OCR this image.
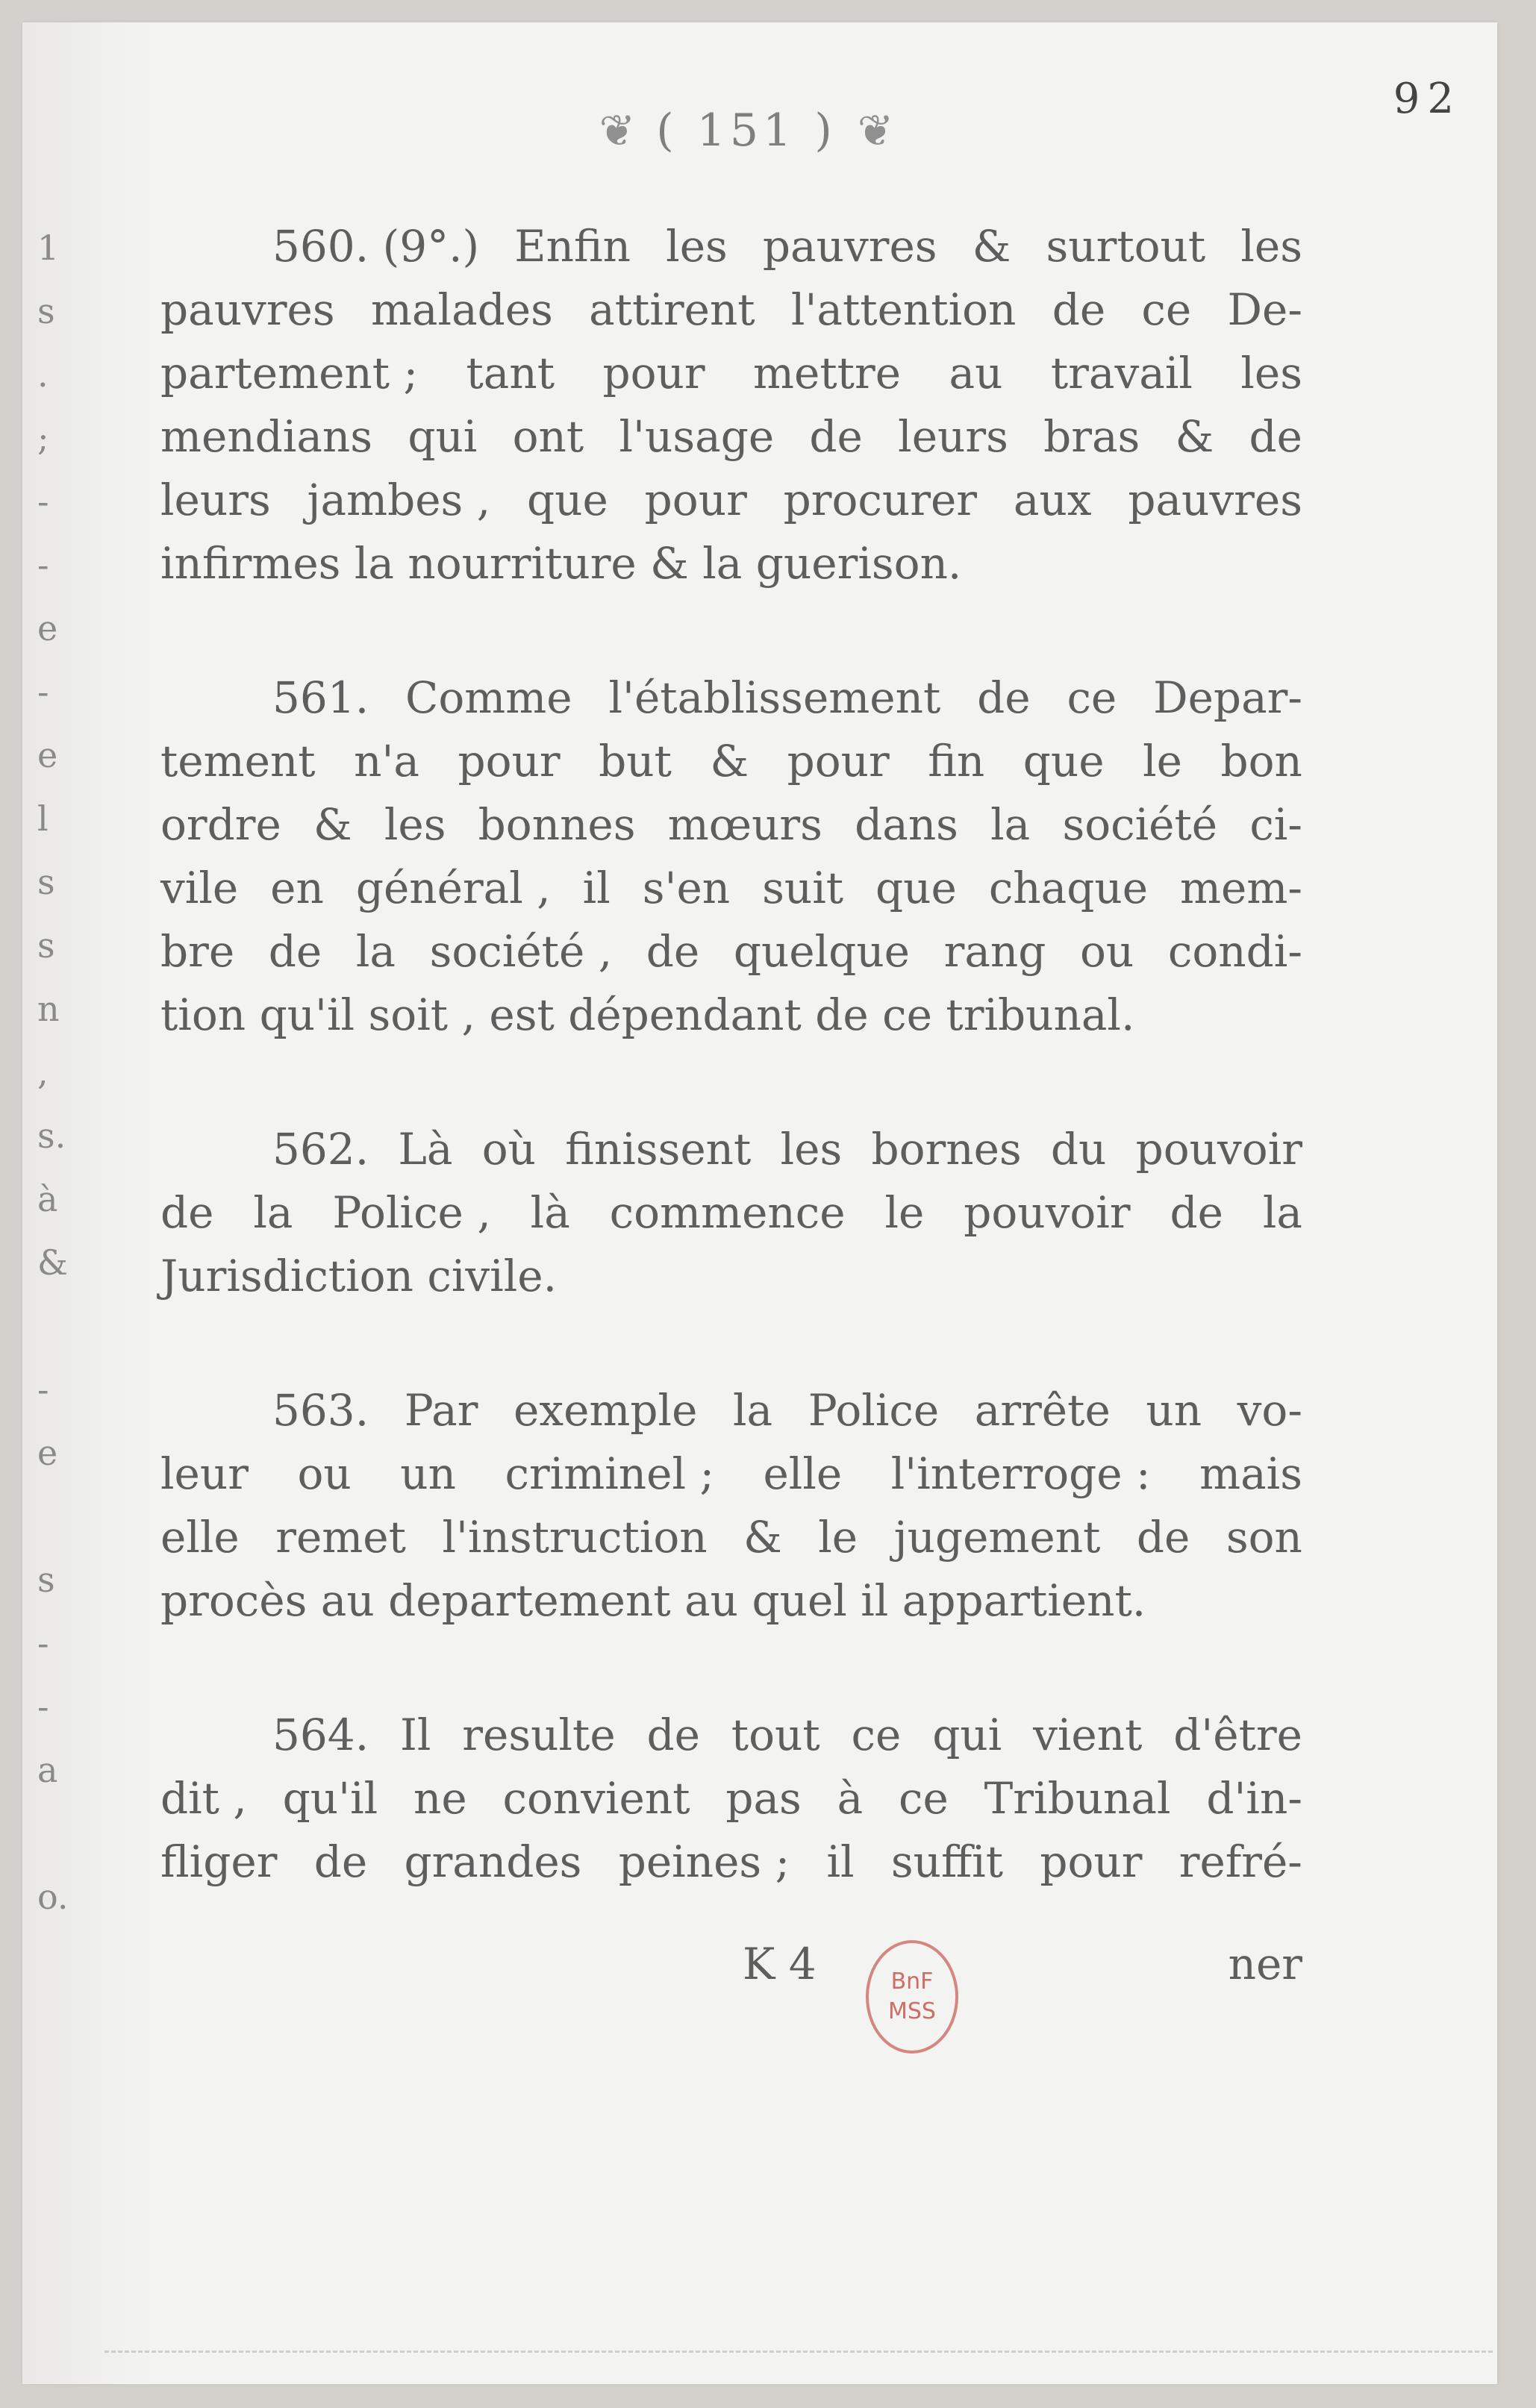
92
❦ ( 151 ) ❦
1
s
.
;
-
-
e
-
e
l
s
s
n
,
s.
à
&
-
e
s
-
-
a
o.
560. (9°.) Enfin les pauvres & surtout les
pauvres malades attirent l'attention de ce De-
partement ; tant pour mettre au travail les
mendians qui ont l'usage de leurs bras & de
leurs jambes , que pour procurer aux pauvres
infirmes la nourriture & la guerison.
561. Comme l'établissement de ce Depar-
tement n'a pour but & pour fin que le bon
ordre & les bonnes mœurs dans la société ci-
vile en général , il s'en suit que chaque mem-
bre de la société , de quelque rang ou condi-
tion qu'il soit , est dépendant de ce tribunal.
562. Là où finissent les bornes du pouvoir
de la Police , là commence le pouvoir de la
Jurisdiction civile.
563. Par exemple la Police arrête un vo-
leur ou un criminel ; elle l'interroge : mais
elle remet l'instruction & le jugement de son
procès au departement au quel il appartient.
564. Il resulte de tout ce qui vient d'être
dit , qu'il ne convient pas à ce Tribunal d'in-
fliger de grandes peines ; il suffit pour refré-
K 4	ner
BnF
MSS
